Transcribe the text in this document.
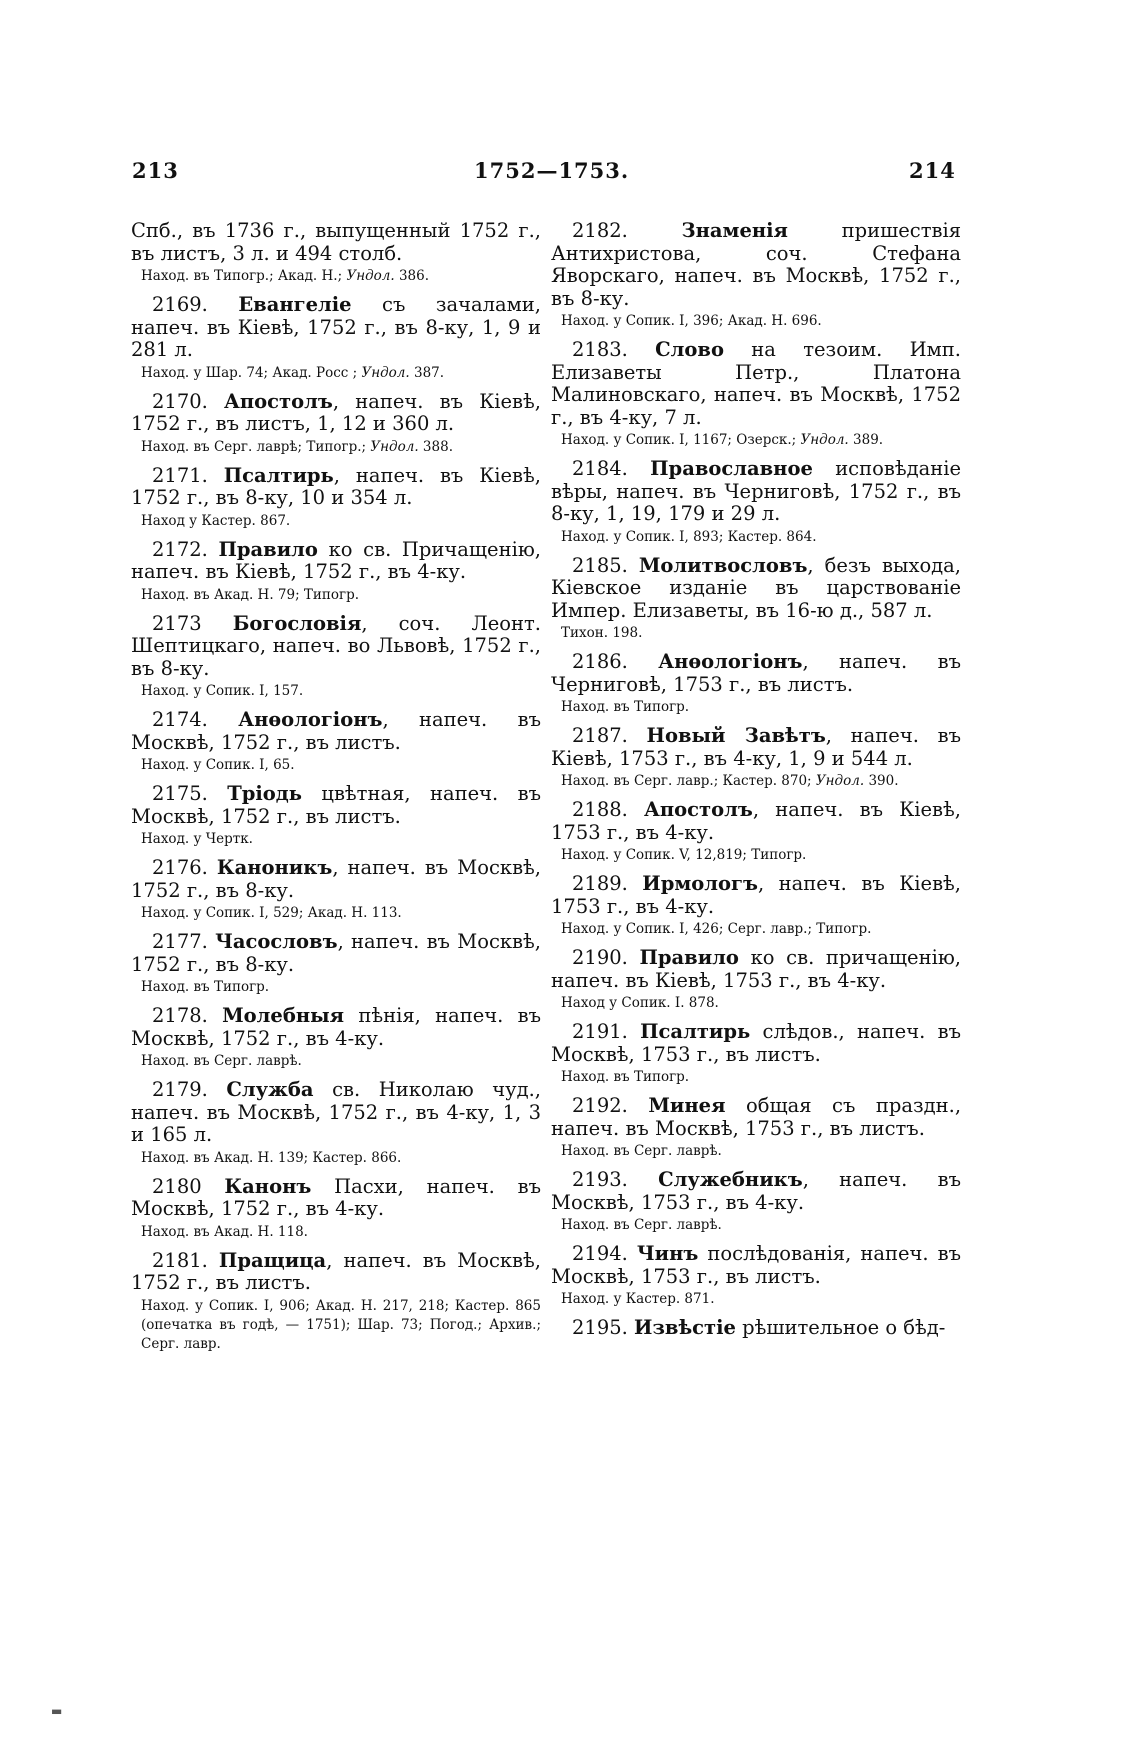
213	1752—1753.	214

Спб., въ 1736 г., выпущенный 1752 г., въ листъ, 3 л. и 494 столб.

Наход. въ Типогр.; Акад. Н.; Ундол. 386.

2169. Евангеліе съ зачалами, напеч. въ Кіевѣ, 1752 г., въ 8-ку, 1, 9 и 281 л.

Наход. у Шар. 74; Акад. Росс ; Ундол. 387.

2170. Апостолъ, напеч. въ Кіевѣ, 1752 г., въ листъ, 1, 12 и 360 л.

Наход. въ Серг. лаврѣ; Типогр.; Ундол. 388.

2171. Псалтирь, напеч. въ Кіевѣ, 1752 г., въ 8-ку, 10 и 354 л.

Наход у Кастер. 867.

2172. Правило ко св. Причащенію, напеч. въ Кіевѣ, 1752 г., въ 4-ку.

Наход. въ Акад. Н. 79; Типогр.

2173 Богословія, соч. Леонт. Шептицкаго, напеч. во Львовѣ, 1752 г., въ 8-ку.

Наход. у Сопик. I, 157.

2174. Анѳологіонъ, напеч. въ Москвѣ, 1752 г., въ листъ.

Наход. у Сопик. I, 65.

2175. Тріодь цвѣтная, напеч. въ Москвѣ, 1752 г., въ листъ.

Наход. у Чертк.

2176. Каноникъ, напеч. въ Москвѣ, 1752 г., въ 8-ку.

Наход. у Сопик. I, 529; Акад. Н. 113.

2177. Часословъ, напеч. въ Москвѣ, 1752 г., въ 8-ку.

Наход. въ Типогр.

2178. Молебныя пѣнія, напеч. въ Москвѣ, 1752 г., въ 4-ку.

Наход. въ Серг. лаврѣ.

2179. Служба св. Николаю чуд., напеч. въ Москвѣ, 1752 г., въ 4-ку, 1, 3 и 165 л.

Наход. въ Акад. Н. 139; Кастер. 866.

2180 Канонъ Пасхи, напеч. въ Москвѣ, 1752 г., въ 4-ку.

Наход. въ Акад. Н. 118.

2181. Пращица, напеч. въ Москвѣ, 1752 г., въ листъ.

Наход. у Сопик. I, 906; Акад. Н. 217, 218; Кастер. 865 (опечатка въ годѣ, — 1751); Шар. 73; Погод.; Архив.; Серг. лавр.

2182.	Знаменія	пришествія Антихристова, соч. Стефана Яворскаго, напеч. въ Москвѣ, 1752 г., въ 8-ку.

Наход. у Сопик. I, 396; Акад. Н. 696.

2183. Слово на тезоим. Имп. Елизаветы Петр., Платона Малиновскаго, напеч. въ Москвѣ, 1752 г., въ 4-ку, 7 л.

Наход. у Сопик. I, 1167; Озерск.; Ундол. 389.

2184. Православное исповѣданіе вѣры, напеч. въ Черниговѣ, 1752 г., въ 8-ку, 1, 19, 179 и 29 л.

Наход. у Сопик. I, 893; Кастер. 864.

2185. Молитвословъ, безъ выхода, Кіевское изданіе въ царствованіе Импер. Елизаветы, въ 16-ю д., 587 л.

Тихон. 198.

2186. Анѳологіонъ, напеч. въ Черниговѣ, 1753 г., въ листъ.

Наход. въ Типогр.

2187. Новый Завѣтъ, напеч. въ Кіевѣ, 1753 г., въ 4-ку, 1, 9 и 544 л.

Наход. въ Серг. лавр.; Кастер. 870; Ундол. 390.

2188. Апостолъ, напеч. въ Кіевѣ, 1753 г., въ 4-ку.

Наход. у Сопик. V, 12,819; Типогр.

2189. Ирмологъ, напеч. въ Кіевѣ, 1753 г., въ 4-ку.

Наход. у Сопик. I, 426; Серг. лавр.; Типогр.

2190. Правило ко св. причащенію, напеч. въ Кіевѣ, 1753 г., въ 4-ку.

Наход у Сопик. I. 878.

2191. Псалтирь слѣдов., напеч. въ Москвѣ, 1753 г., въ листъ.

Наход. въ Типогр.

2192. Минея общая съ праздн., напеч. въ Москвѣ, 1753 г., въ листъ.

Наход. въ Серг. лаврѣ.

2193. Служебникъ, напеч. въ Москвѣ, 1753 г., въ 4-ку.

Наход. въ Серг. лаврѣ.

2194. Чинъ послѣдованія, напеч. въ Москвѣ, 1753 г., въ листъ.

Наход. у Кастер. 871.

2195. Извѣстіе рѣшительное о бѣд-

▬
